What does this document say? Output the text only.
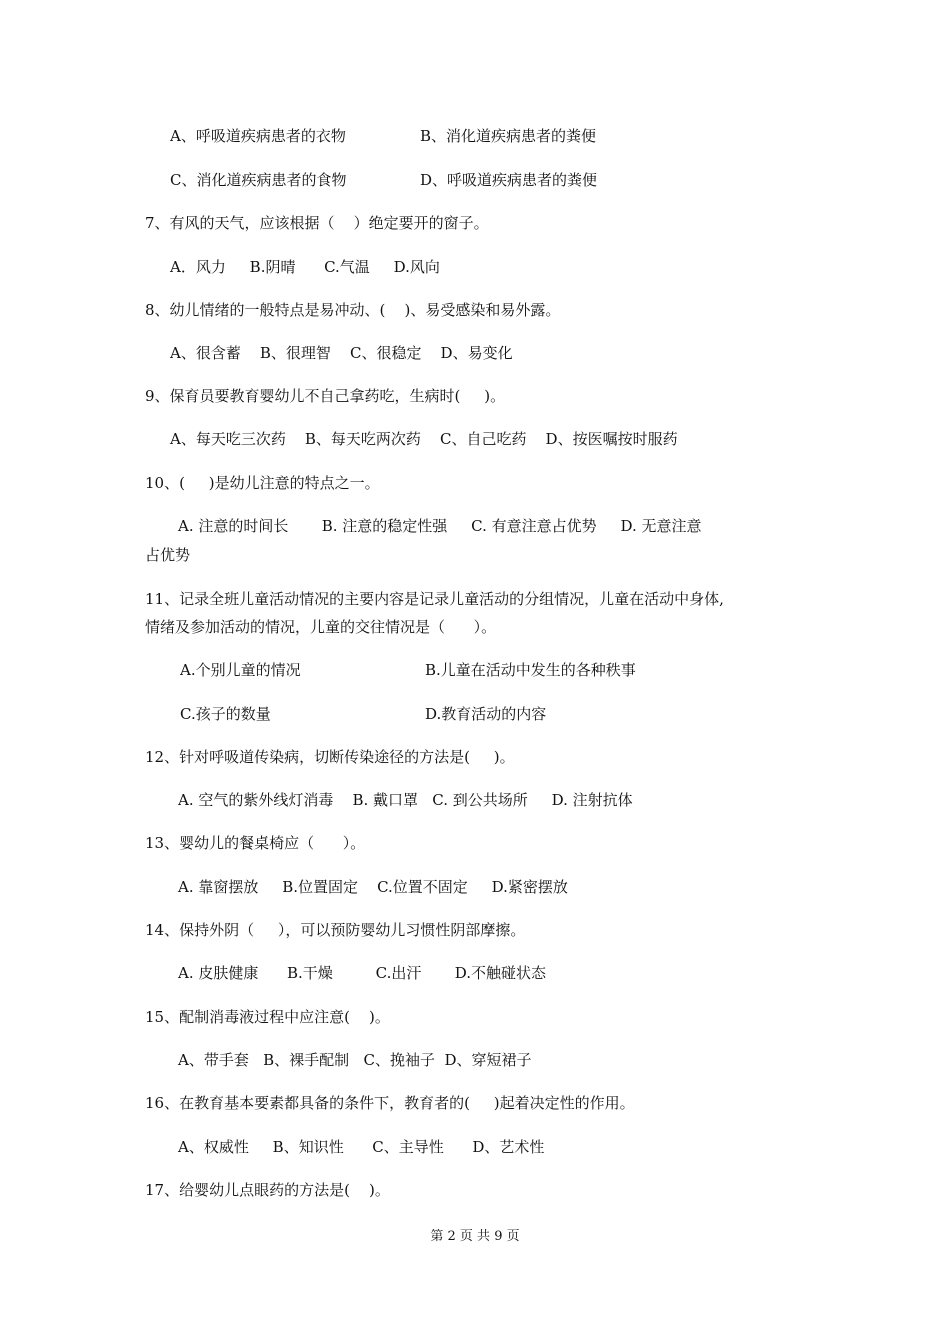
A、呼吸道疾病患者的衣物	B、消化道疾病患者的粪便
C、消化道疾病患者的食物	D、呼吸道疾病患者的粪便
7、有风的天气，应该根据（    ）绝定要开的窗子。
A．风力     B.阴晴      C.气温     D.风向
8、幼儿情绪的一般特点是易冲动、(    )、易受感染和易外露。
A、很含蓄    B、很理智    C、很稳定    D、易变化
9、保育员要教育婴幼儿不自己拿药吃，生病时(     )。
A、每天吃三次药    B、每天吃两次药    C、自己吃药    D、按医嘱按时服药
10、(     )是幼儿注意的特点之一。
A. 注意的时间长       B. 注意的稳定性强     C. 有意注意占优势     D. 无意注意
占优势
11、记录全班儿童活动情况的主要内容是记录儿童活动的分组情况，儿童在活动中身体,
情绪及参加活动的情况，儿童的交往情况是（      ）。
A.个别儿童的情况	B.儿童在活动中发生的各种秩事
C.孩子的数量	D.教育活动的内容
12、针对呼吸道传染病，切断传染途径的方法是(     )。
A. 空气的紫外线灯消毒    B. 戴口罩   C. 到公共场所     D. 注射抗体
13、婴幼儿的餐桌椅应（      ）。
A. 靠窗摆放     B.位置固定    C.位置不固定     D.紧密摆放
14、保持外阴（     ），可以预防婴幼儿习惯性阴部摩擦。
A. 皮肤健康      B.干燥         C.出汗       D.不触碰状态
15、配制消毒液过程中应注意(    )。
A、带手套   B、裸手配制   C、挽袖子  D、穿短裙子
16、在教育基本要素都具备的条件下，教育者的(     )起着决定性的作用。
A、权威性     B、知识性      C、主导性      D、艺术性
17、给婴幼儿点眼药的方法是(    )。
第 2 页 共 9 页
